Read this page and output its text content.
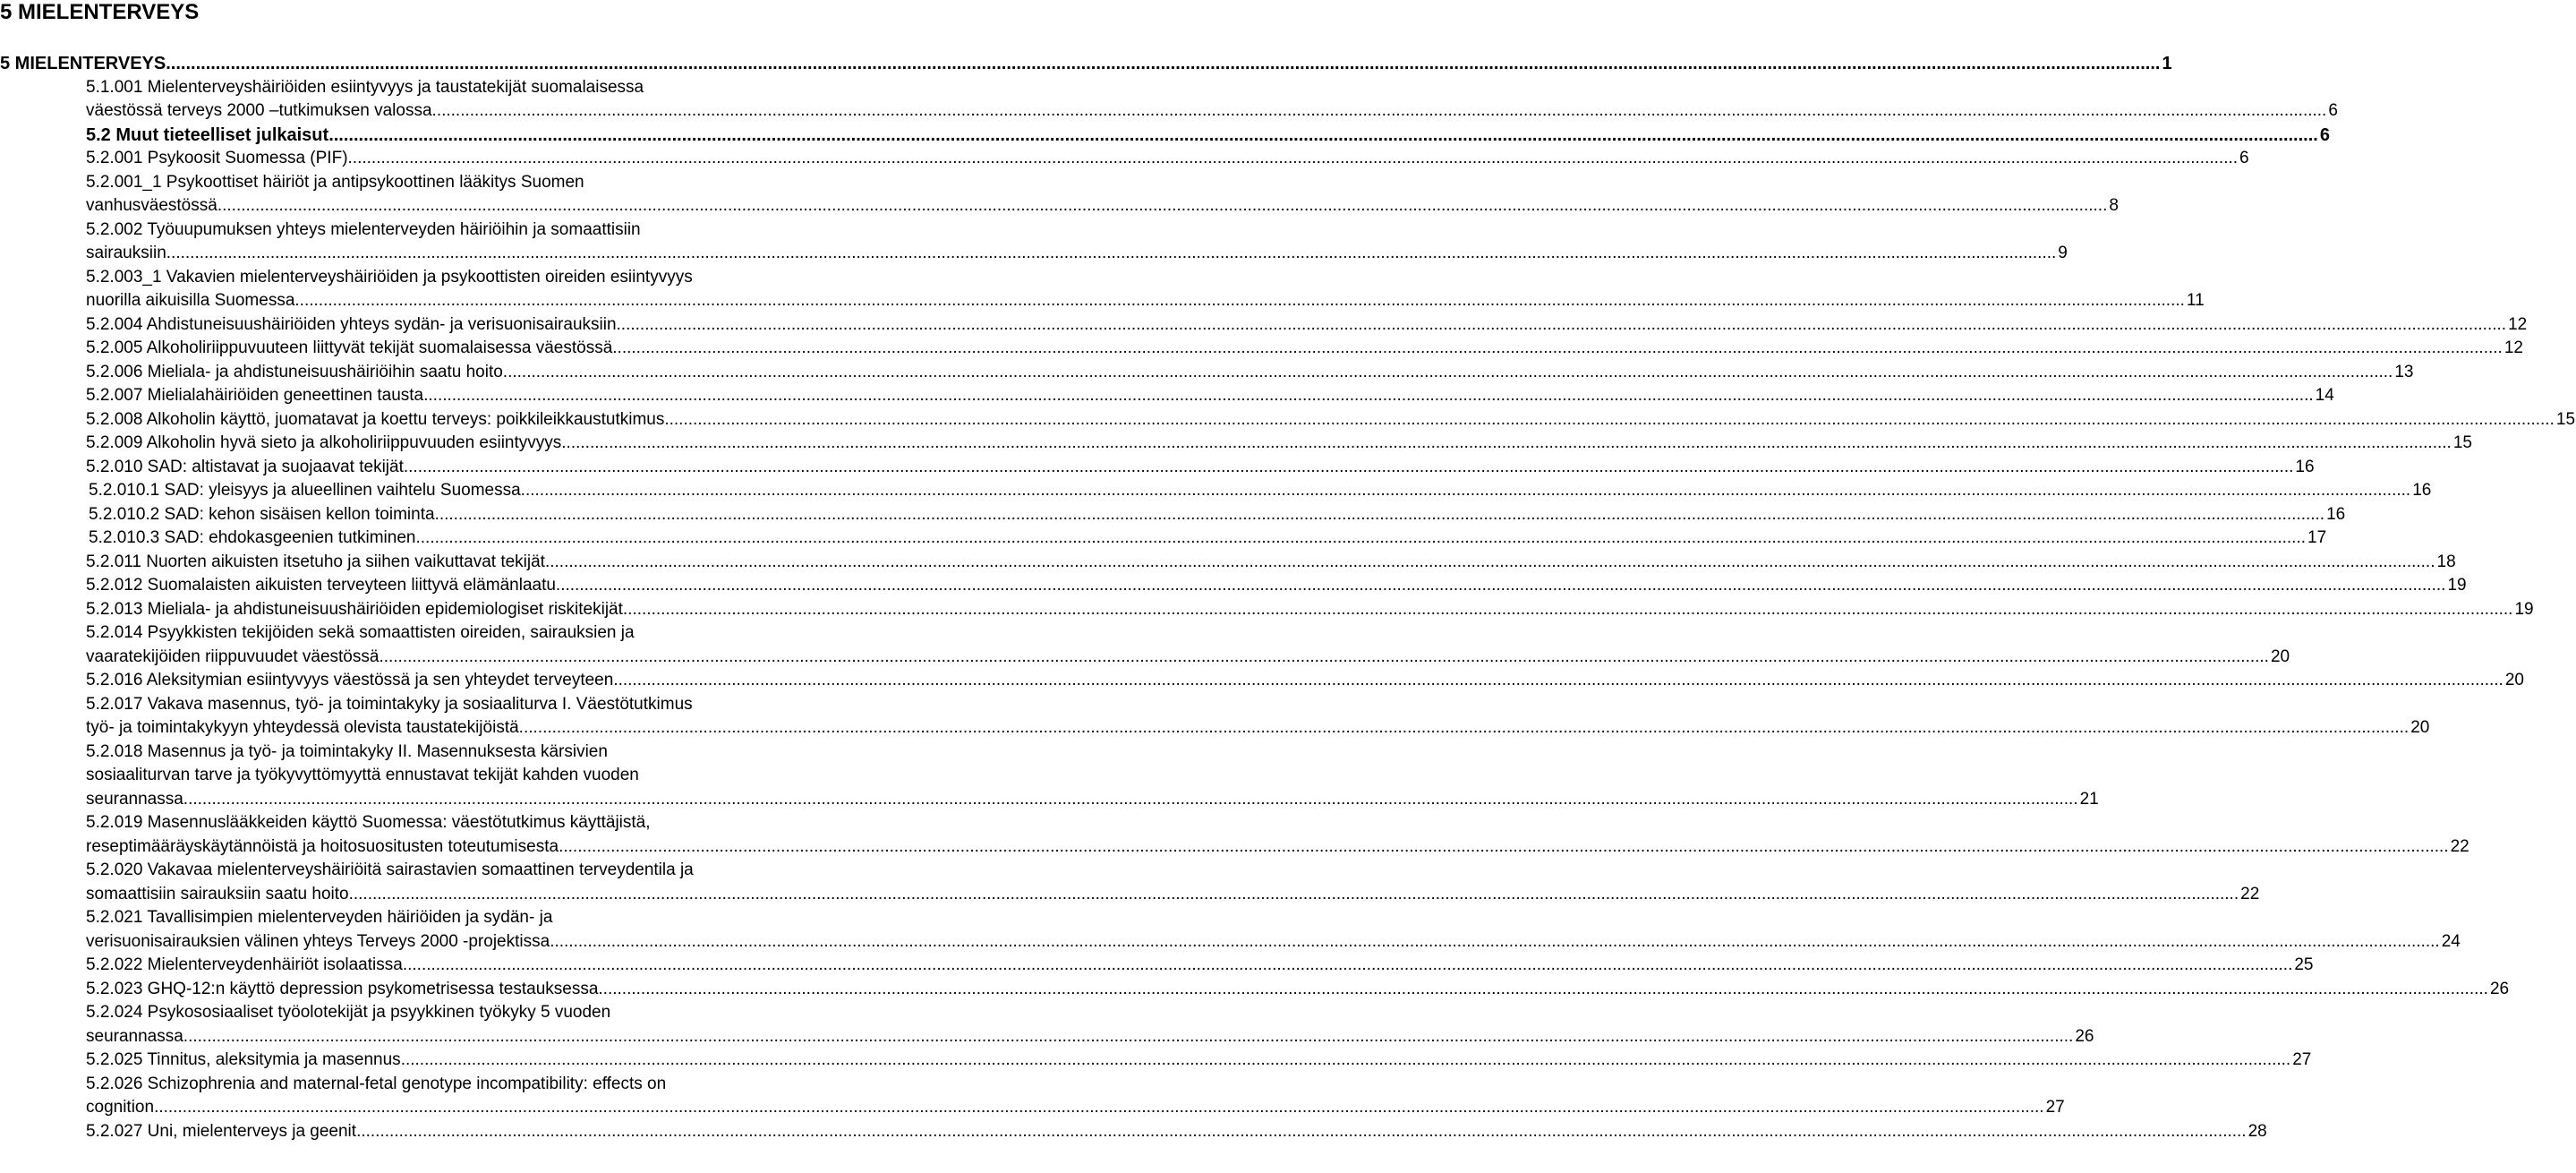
5 MIELENTERVEYS
5 MIELENTERVEYS. ................................................................................................................................................................................................................................................................................................................................................................................................................ 1
5.1.001 Mielenterveyshäiriöiden esiintyvyys ja taustatekijät suomalaisessa
väestössä terveys 2000 –tutkimuksen valossa. ................................................................................................................................................................................................................................................................................................................................................................................................................ 6
5.2 Muut tieteelliset julkaisut ................................................................................................................................................................................................................................................................................................................................................................................................................ 6
5.2.001 Psykoosit Suomessa (PIF) ................................................................................................................................................................................................................................................................................................................................................................................................................ 6
5.2.001_1 Psykoottiset häiriöt ja antipsykoottinen lääkitys Suomen
vanhusväestössä ................................................................................................................................................................................................................................................................................................................................................................................................................ 8
5.2.002 Työuupumuksen yhteys mielenterveyden häiriöihin ja somaattisiin
sairauksiin ................................................................................................................................................................................................................................................................................................................................................................................................................ 9
5.2.003_1 Vakavien mielenterveyshäiriöiden ja psykoottisten oireiden esiintyvyys
nuorilla aikuisilla Suomessa ................................................................................................................................................................................................................................................................................................................................................................................................................ 11
5.2.004 Ahdistuneisuushäiriöiden yhteys sydän- ja verisuonisairauksiin ................................................................................................................................................................................................................................................................................................................................................................................................................ 12
5.2.005 Alkoholiriippuvuuteen liittyvät tekijät suomalaisessa väestössä ................................................................................................................................................................................................................................................................................................................................................................................................................ 12
5.2.006 Mieliala- ja ahdistuneisuushäiriöihin saatu hoito ................................................................................................................................................................................................................................................................................................................................................................................................................ 13
5.2.007 Mielialahäiriöiden geneettinen tausta ................................................................................................................................................................................................................................................................................................................................................................................................................ 14
5.2.008 Alkoholin käyttö, juomatavat ja koettu terveys: poikkileikkaustutkimus ................................................................................................................................................................................................................................................................................................................................................................................................................ 15
5.2.009 Alkoholin hyvä sieto ja alkoholiriippuvuuden esiintyvyys ................................................................................................................................................................................................................................................................................................................................................................................................................ 15
5.2.010 SAD: altistavat ja suojaavat tekijät ................................................................................................................................................................................................................................................................................................................................................................................................................ 16
5.2.010.1 SAD: yleisyys ja alueellinen vaihtelu Suomessa ................................................................................................................................................................................................................................................................................................................................................................................................................ 16
5.2.010.2 SAD: kehon sisäisen kellon toiminta ................................................................................................................................................................................................................................................................................................................................................................................................................ 16
5.2.010.3 SAD: ehdokasgeenien tutkiminen ................................................................................................................................................................................................................................................................................................................................................................................................................ 17
5.2.011 Nuorten aikuisten itsetuho ja siihen vaikuttavat tekijät ................................................................................................................................................................................................................................................................................................................................................................................................................ 18
5.2.012 Suomalaisten aikuisten terveyteen liittyvä elämänlaatu ................................................................................................................................................................................................................................................................................................................................................................................................................ 19
5.2.013 Mieliala- ja ahdistuneisuushäiriöiden epidemiologiset riskitekijät ................................................................................................................................................................................................................................................................................................................................................................................................................ 19
5.2.014 Psyykkisten tekijöiden sekä somaattisten oireiden, sairauksien ja
vaaratekijöiden riippuvuudet väestössä ................................................................................................................................................................................................................................................................................................................................................................................................................ 20
5.2.016 Aleksitymian esiintyvyys väestössä ja sen yhteydet terveyteen ................................................................................................................................................................................................................................................................................................................................................................................................................ 20
5.2.017 Vakava masennus, työ- ja toimintakyky ja sosiaaliturva I. Väestötutkimus
työ- ja toimintakykyyn yhteydessä olevista taustatekijöistä ................................................................................................................................................................................................................................................................................................................................................................................................................ 20
5.2.018 Masennus ja työ- ja toimintakyky II. Masennuksesta kärsivien
sosiaaliturvan tarve ja työkyvyttömyyttä ennustavat tekijät kahden vuoden
seurannassa. ................................................................................................................................................................................................................................................................................................................................................................................................................ 21
5.2.019 Masennuslääkkeiden käyttö Suomessa: väestötutkimus käyttäjistä,
reseptimääräyskäytännöistä ja hoitosuositusten toteutumisesta ................................................................................................................................................................................................................................................................................................................................................................................................................ 22
5.2.020 Vakavaa mielenterveyshäiriöitä sairastavien somaattinen terveydentila ja
somaattisiin sairauksiin saatu hoito ................................................................................................................................................................................................................................................................................................................................................................................................................ 22
5.2.021 Tavallisimpien mielenterveyden häiriöiden ja sydän- ja
verisuonisairauksien välinen yhteys Terveys 2000 -projektissa ................................................................................................................................................................................................................................................................................................................................................................................................................ 24
5.2.022 Mielenterveydenhäiriöt isolaatissa ................................................................................................................................................................................................................................................................................................................................................................................................................ 25
5.2.023 GHQ-12:n käyttö depression psykometrisessa testauksessa ................................................................................................................................................................................................................................................................................................................................................................................................................ 26
5.2.024 Psykososiaaliset työolotekijät ja psyykkinen työkyky 5 vuoden
seurannassa ................................................................................................................................................................................................................................................................................................................................................................................................................ 26
5.2.025 Tinnitus, aleksitymia ja masennus ................................................................................................................................................................................................................................................................................................................................................................................................................ 27
5.2.026 Schizophrenia and maternal-fetal genotype incompatibility: effects on
cognition ................................................................................................................................................................................................................................................................................................................................................................................................................ 27
5.2.027 Uni, mielenterveys ja geenit ................................................................................................................................................................................................................................................................................................................................................................................................................ 28
